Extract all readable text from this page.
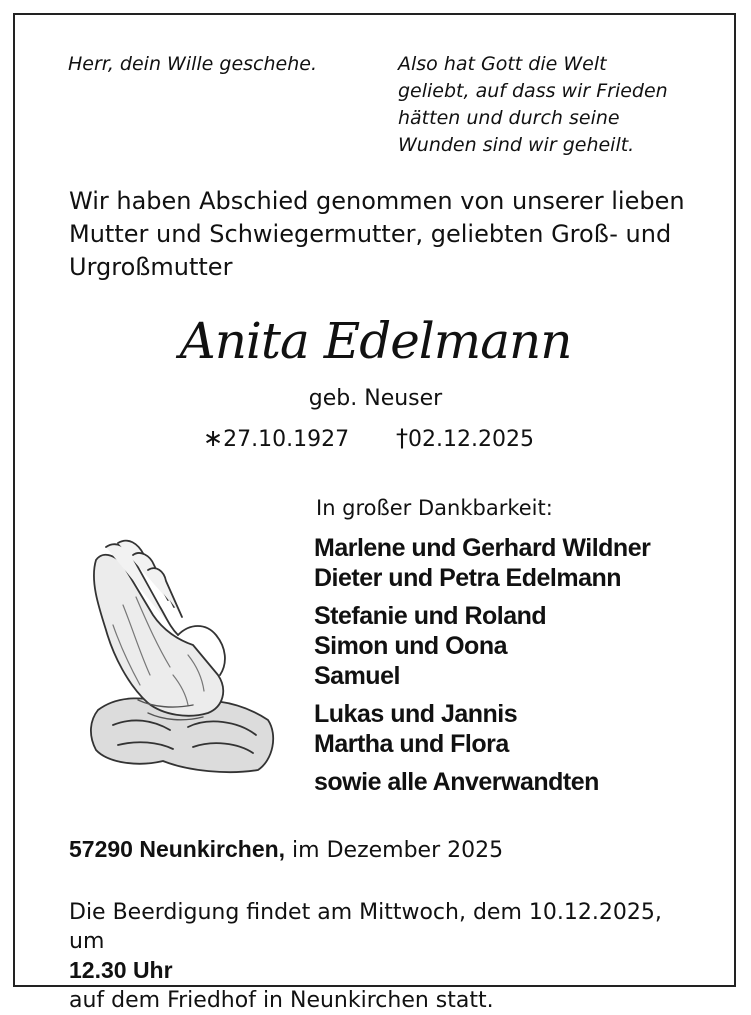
Herr, dein Wille geschehe.	Also hat Gott die Welt
geliebt, auf dass wir Frieden
hätten und durch seine
Wunden sind wir geheilt.
Wir haben Abschied genommen von unserer lieben
Mutter und Schwiegermutter, geliebten Groß- und
Urgroßmutter
Anita Edelmann
geb. Neuser
∗27.10.1927 †02.12.2025
In großer Dankbarkeit:
Marlene und Gerhard Wildner
Dieter und Petra Edelmann
Stefanie und Roland
Simon und Oona
Samuel
Lukas und Jannis
Martha und Flora
sowie alle Anverwandten
57290 Neunkirchen, im Dezember 2025
Die Beerdigung findet am Mittwoch, dem 10.12.2025,
um
12.30 Uhr
auf dem Friedhof in Neunkirchen statt.
